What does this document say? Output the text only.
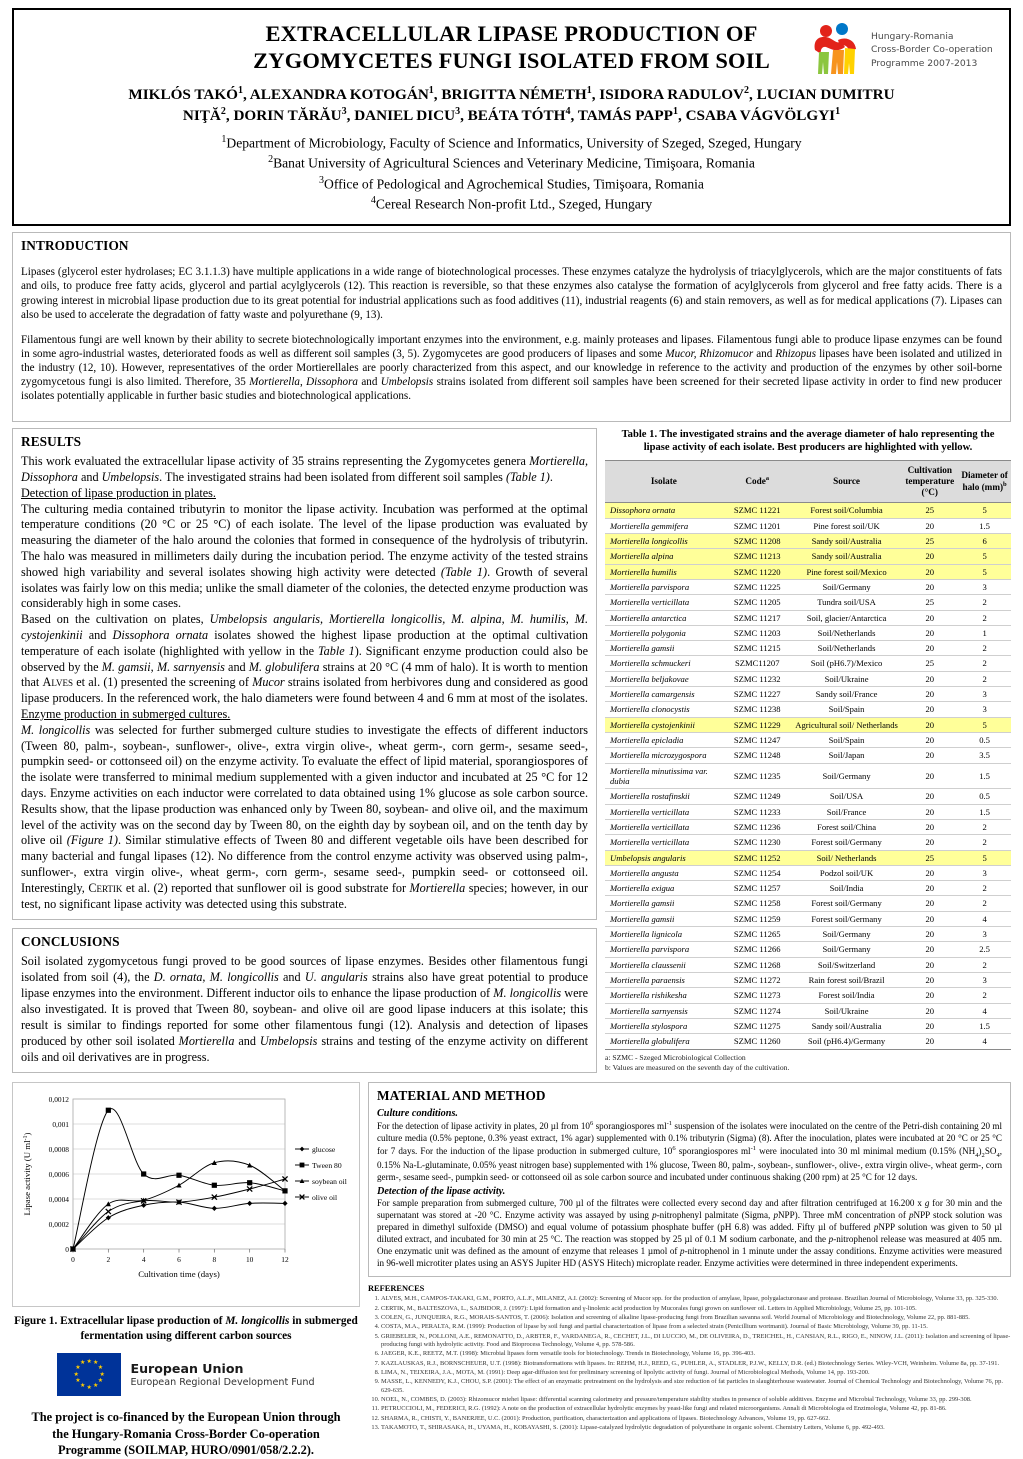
Hungary-Romania
Cross-Border Co-operation
Programme 2007-2013
EXTRACELLULAR LIPASE PRODUCTION OF
ZYGOMYCETES FUNGI ISOLATED FROM SOIL
MIKLÓS TAKÓ$^1$, ALEXANDRA KOTOGÁN$^1$, BRIGITTA NÉMETH$^1$, ISIDORA RADULOV$^2$, LUCIAN DUMITRU
NIŢĂ$^2$, DORIN TĂRĂU$^3$, DANIEL DICU$^3$, BEÁTA TÓTH$^4$, TAMÁS PAPP$^1$, CSABA VÁGVÖLGYI$^1$
$^1$Department of Microbiology, Faculty of Science and Informatics, University of Szeged, Szeged, Hungary
$^2$Banat University of Agricultural Sciences and Veterinary Medicine, Timişoara, Romania
$^3$Office of Pedological and Agrochemical Studies, Timişoara, Romania
$^4$Cereal Research Non-profit Ltd., Szeged, Hungary
INTRODUCTION

Lipases (glycerol ester hydrolases; EC 3.1.1.3) have multiple applications in a wide range of biotechnological processes. These enzymes catalyze the hydrolysis of triacylglycerols, which are the major constituents of fats and oils, to produce free fatty acids, glycerol and partial acylglycerols (12). This reaction is reversible, so that these enzymes also catalyse the formation of acylglycerols from glycerol and free fatty acids. There is a growing interest in microbial lipase production due to its great potential for industrial applications such as food additives (11), industrial reagents (6) and stain removers, as well as for medical applications (7). Lipases can also be used to accelerate the degradation of fatty waste and polyurethane (9, 13).

Filamentous fungi are well known by their ability to secrete biotechnologically important enzymes into the environment, e.g. mainly proteases and lipases. Filamentous fungi able to produce lipase enzymes can be found in some agro-industrial wastes, deteriorated foods as well as different soil samples (3, 5). Zygomycetes are good producers of lipases and some Mucor, Rhizomucor and Rhizopus lipases have been isolated and utilized in the industry (12, 10). However, representatives of the order Mortierellales are poorly characterized from this aspect, and our knowledge in reference to the activity and production of the enzymes by other soil-borne zygomycetous fungi is also limited. Therefore, 35 Mortierella, Dissophora and Umbelopsis strains isolated from different soil samples have been screened for their secreted lipase activity in order to find new producer isolates potentially applicable in further basic studies and biotechnological applications.

RESULTS

This work evaluated the extracellular lipase activity of 35 strains representing the Zygomycetes genera Mortierella, Dissophora and Umbelopsis. The investigated strains had been isolated from different soil samples (Table 1).

Detection of lipase production in plates.

The culturing media contained tributyrin to monitor the lipase activity. Incubation was performed at the optimal temperature conditions (20 °C or 25 °C) of each isolate. The level of the lipase production was evaluated by measuring the diameter of the halo around the colonies that formed in consequence of the hydrolysis of tributyrin. The halo was measured in millimeters daily during the incubation period. The enzyme activity of the tested strains showed high variability and several isolates showing high activity were detected (Table 1). Growth of several isolates was fairly low on this media; unlike the small diameter of the colonies, the detected enzyme production was considerably high in some cases.

Based on the cultivation on plates, Umbelopsis angularis, Mortierella longicollis, M. alpina, M. humilis, M. cystojenkinii and Dissophora ornata isolates showed the highest lipase production at the optimal cultivation temperature of each isolate (highlighted with yellow in the Table 1). Significant enzyme production could also be observed by the M. gamsii, M. sarnyensis and M. globulifera strains at 20 °C (4 mm of halo). It is worth to mention that Alves et al. (1) presented the screening of Mucor strains isolated from herbivores dung and considered as good lipase producers. In the referenced work, the halo diameters were found between 4 and 6 mm at most of the isolates.

Enzyme production in submerged cultures.

M. longicollis was selected for further submerged culture studies to investigate the effects of different inductors (Tween 80, palm-, soybean-, sunflower-, olive-, extra virgin olive-, wheat germ-, corn germ-, sesame seed-, pumpkin seed- or cottonseed oil) on the enzyme activity. To evaluate the effect of lipid material, sporangiospores of the isolate were transferred to minimal medium supplemented with a given inductor and incubated at 25 °C for 12 days. Enzyme activities on each inductor were correlated to data obtained using 1% glucose as sole carbon source. Results show, that the lipase production was enhanced only by Tween 80, soybean- and olive oil, and the maximum level of the activity was on the second day by Tween 80, on the eighth day by soybean oil, and on the tenth day by olive oil (Figure 1). Similar stimulative effects of Tween 80 and different vegetable oils have been described for many bacterial and fungal lipases (12). No difference from the control enzyme activity was observed using palm-, sunflower-, extra virgin olive-, wheat germ-, corn germ-, sesame seed-, pumpkin seed- or cottonseed oil. Interestingly, Certik et al. (2) reported that sunflower oil is good substrate for Mortierella species; however, in our test, no significant lipase activity was detected using this substrate.

CONCLUSIONS

Soil isolated zygomycetous fungi proved to be good sources of lipase enzymes. Besides other filamentous fungi isolated from soil (4), the D. ornata, M. longicollis and U. angularis strains also have great potential to produce lipase enzymes into the environment. Different inductor oils to enhance the lipase production of M. longicollis were also investigated. It is proved that Tween 80, soybean- and olive oil are good lipase inducers at this isolate; this result is similar to findings reported for some other filamentous fungi (12). Analysis and detection of lipases produced by other soil isolated Mortierella and Umbelopsis strains and testing of the enzyme activity on different oils and oil derivatives are in progress.

Table 1. The investigated strains and the average diameter of halo representing the lipase activity of each isolate. Best producers are highlighted with yellow.
Isolate	Code$^a$	Source	Cultivation
temperature (°C)	Diameter of
halo (mm)$^b$
Dissophora ornata	SZMC 11221	Forest soil/Columbia	25	5
Mortierella gemmifera	SZMC 11201	Pine forest soil/UK	20	1.5
Mortierella longicollis	SZMC 11208	Sandy soil/Australia	25	6
Mortierella alpina	SZMC 11213	Sandy soil/Australia	20	5
Mortierella humilis	SZMC 11220	Pine forest soil/Mexico	20	5
Mortierella parvispora	SZMC 11225	Soil/Germany	20	3
Mortierella verticillata	SZMC 11205	Tundra soil/USA	25	2
Mortierella antarctica	SZMC 11217	Soil, glacier/Antarctica	20	2
Mortierella polygonia	SZMC 11203	Soil/Netherlands	20	1
Mortierella gamsii	SZMC 11215	Soil/Netherlands	20	2
Mortierella schmuckeri	SZMC11207	Soil (pH6.7)/Mexico	25	2
Mortierella beljakovae	SZMC 11232	Soil/Ukraine	20	2
Mortierella camargensis	SZMC 11227	Sandy soil/France	20	3
Mortierella clonocystis	SZMC 11238	Soil/Spain	20	3
Mortierella cystojenkinii	SZMC 11229	Agricultural soil/ Netherlands	20	5
Mortierella epicladia	SZMC 11247	Soil/Spain	20	0.5
Mortierella microzygospora	SZMC 11248	Soil/Japan	20	3.5
Mortierella minutissima var. dubia	SZMC 11235	Soil/Germany	20	1.5
Mortierella rostafinskii	SZMC 11249	Soil/USA	20	0.5
Mortierella verticillata	SZMC 11233	Soil/France	20	1.5
Mortierella verticillata	SZMC 11236	Forest soil/China	20	2
Mortierella verticillata	SZMC 11230	Forest soil/Germany	20	2
Umbelopsis angularis	SZMC 11252	Soil/ Netherlands	25	5
Mortierella angusta	SZMC 11254	Podzol soil/UK	20	3
Mortierella exigua	SZMC 11257	Soil/India	20	2
Mortierella gamsii	SZMC 11258	Forest soil/Germany	20	2
Mortierella gamsii	SZMC 11259	Forest soil/Germany	20	4
Mortierella lignicola	SZMC 11265	Soil/Germany	20	3
Mortierella parvispora	SZMC 11266	Soil/Germany	20	2.5
Mortierella claussenii	SZMC 11268	Soil/Switzerland	20	2
Mortierella paraensis	SZMC 11272	Rain forest soil/Brazil	20	3
Mortierella rishikesha	SZMC 11273	Forest soil/India	20	2
Mortierella sarnyensis	SZMC 11274	Soil/Ukraine	20	4
Mortierella stylospora	SZMC 11275	Sandy soil/Australia	20	1.5
Mortierella globulifera	SZMC 11260	Soil (pH6.4)/Germany	20	4
a: SZMC - Szeged Microbiological Collection
b: Values are measured on the seventh day of the cultivation.
0
0,0002
0,0004
0,0006
0,0008
0,001
0,0012
0	2	4	6	8	10	12
Cultivation time (days)
Lipase activity (U $ml^{-1}$)
glucose
Tween 80
soybean oil
olive oil
Figure 1. Extracellular lipase production of M. longicollis in submerged fermentation using different carbon sources
★ ★
★
★
★
★
★
★
★
★
★
★	European Union
European Regional Development Fund
The project is co-financed by the European Union through
the Hungary-Romania Cross-Border Co-operation
Programme (SOILMAP, HURO/0901/058/2.2.2).
MATERIAL AND METHOD
Culture conditions.
For the detection of lipase activity in plates, 20 µl from $10^6$ sporangiospores $ml^{-1}$ suspension of the isolates were inoculated on the centre of the Petri-dish containing 20 ml culture media (0.5% peptone, 0.3% yeast extract, 1% agar) supplemented with 0.1% tributyrin (Sigma) (8). After the inoculation, plates were incubated at 20 °C or 25 °C for 7 days. For the induction of the lipase production in submerged culture, $10^6$ sporangiospores $ml^{-1}$ were inoculated into 30 ml minimal medium (0.15% $(NH_4)_2SO_4$, 0.15% Na-L-glutaminate, 0.05% yeast nitrogen base) supplemented with 1% glucose, Tween 80, palm-, soybean-, sunflower-, olive-, extra virgin olive-, wheat germ-, corn germ-, sesame seed-, pumpkin seed- or cottonseed oil as sole carbon source and incubated under continuous shaking (200 rpm) at 25 °C for 12 days.
Detection of the lipase activity.
For sample preparation from submerged culture, 700 µl of the filtrates were collected every second day and after filtration centrifuged at 16.200 x g for 30 min and the supernatant was stored at -20 °C. Enzyme activity was assayed by using p-nitrophenyl palmitate (Sigma, pNPP). Three mM concentration of pNPP stock solution was prepared in dimethyl sulfoxide (DMSO) and equal volume of potassium phosphate buffer (pH 6.8) was added. Fifty µl of buffered pNPP solution was given to 50 µl diluted extract, and incubated for 30 min at 25 °C. The reaction was stopped by 25 µl of 0.1 M sodium carbonate, and the p-nitrophenol release was measured at 405 nm. One enzymatic unit was defined as the amount of enzyme that releases 1 µmol of p-nitrophenol in 1 minute under the assay conditions. Enzyme activities were measured in 96-well microtiter plates using an ASYS Jupiter HD (ASYS Hitech) microplate reader. Enzyme activities were determined in three independent experiments.
REFERENCES
1. ALVES, M.H., CAMPOS-TAKAKI, G.M., PORTO, A.L.F., MILANEZ, A.I. (2002): Screening of Mucor spp. for the production of amylase, lipase, polygalacturonase and protease. Brazilian Journal of Microbiology, Volume 33, pp. 325-330.
2. CERTIK, M., BALTESZOVA, L., SAJBIDOR, J. (1997): Lipid formation and γ-linolenic acid production by Mucorales fungi grown on sunflower oil. Letters in Applied Microbiology, Volume 25, pp. 101-105.
3. COLEN, G., JUNQUEIRA, R.G., MORAIS-SANTOS, T. (2006): Isolation and screening of alkaline lipase-producing fungi from Brazilian savanna soil. World Journal of Microbiology and Biotechnology, Volume 22, pp. 881-885.
4. COSTA, M.A., PERALTA, R.M. (1999): Production of lipase by soil fungi and partial characterization of lipase from a selected strain (Penicillium wortmanii). Journal of Basic Microbiology, Volume 39, pp. 11-15.
5. GRIEBELER, N., POLLONI, A.E., REMONATTO, D., ARBTER, F., VARDANEGA, R., CECHET, J.L., DI LUCCIO, M., DE OLIVEIRA, D., TREICHEL, H., CANSIAN, R.L., RIGO, E., NINOW, J.L. (2011): Isolation and screening of lipase-producing fungi with hydrolytic activity. Food and Bioprocess Technology, Volume 4, pp. 578-586.
6. JAEGER, K.E., REETZ, M.T. (1998): Microbial lipases form versatile tools for biotechnology. Trends in Biotechnology, Volume 16, pp. 396-403.
7. KAZLAUSKAS, R.J., BORNSCHEUER, U.T. (1998): Biotransformations with lipases. In: REHM, H.J., REED, G., PUHLER, A., STADLER, P.J.W., KELLY, D.R. (ed.) Biotechnology Series. Wiley-VCH, Weinheim. Volume 8a, pp. 37-191.
8. LIMA, N., TEIXEIRA, J.A., MOTA, M. (1991): Deep agar-diffusion test for preliminary screening of lipolytic activity of fungi. Journal of Microbiological Methods, Volume 14, pp. 193-200.
9. MASSE, L., KENNEDY, K.J., CHOU, S.P. (2001): The effect of an enzymatic pretreatment on the hydrolysis and size reduction of fat particles in slaughterhouse wastewater. Journal of Chemical Technology and Biotechnology, Volume 76, pp. 629-635.
10. NOEL, N., COMBES, D. (2003): Rhizomucor miehei lipase: differential scanning calorimetry and pressure/temperature stability studies in presence of soluble additives. Enzyme and Microbial Technology, Volume 33, pp. 299-308.
11. PETRUCCIOLI, M., FEDERICI, R.G. (1992): A note on the production of extracellular hydrolytic enzymes by yeast-like fungi and related microorganisms. Annali di Microbiologia ed Enzimologia, Volume 42, pp. 81-86.
12. SHARMA, R., CHISTI, Y., BANERJEE, U.C. (2001): Production, purification, characterization and applications of lipases. Biotechnology Advances, Volume 19, pp. 627-662.
13. TAKAMOTO, T., SHIRASAKA, H., UYAMA, H., KOBAYASHI, S. (2001): Lipase-catalyzed hydrolytic degradation of polyurethane in organic solvent. Chemistry Letters, Volume 6, pp. 492-493.
